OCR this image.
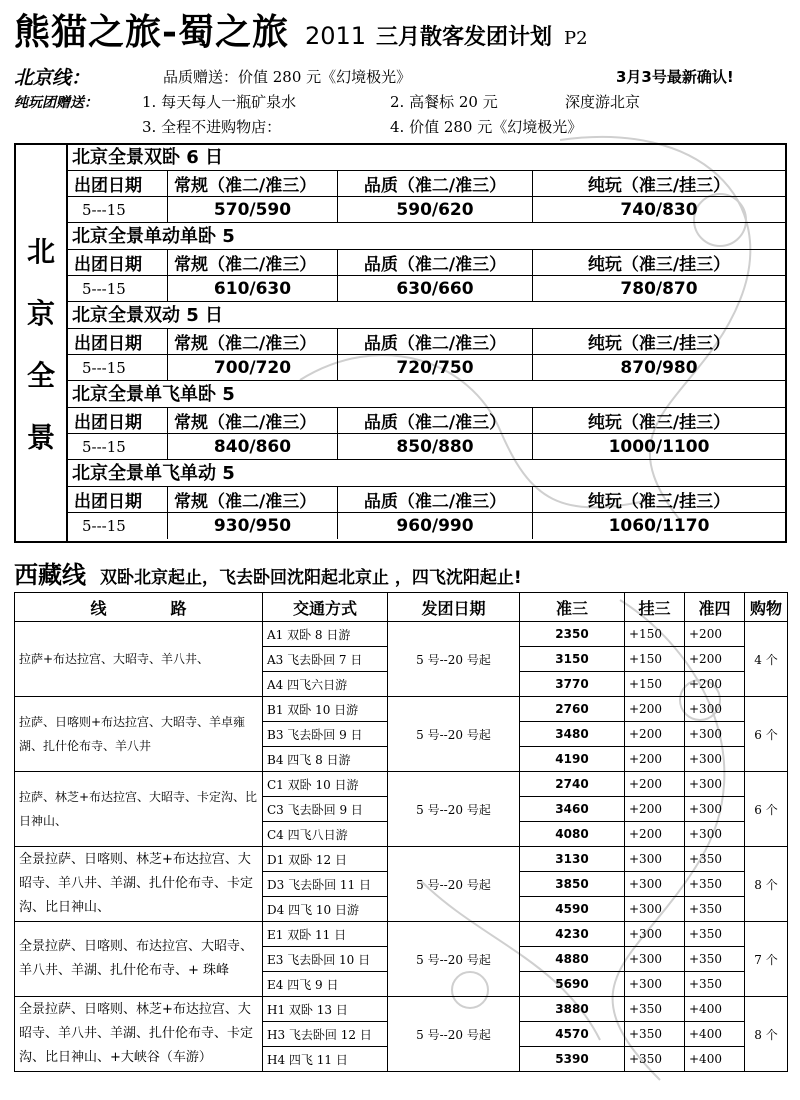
熊猫之旅-蜀之旅 2011 三月散客发团计划 P2
北京线：	品质赠送：价值 280 元《幻境极光》	3月3号最新确认!
纯玩团赠送：	1. 每天每人一瓶矿泉水	2. 高餐标 20 元	深度游北京
3. 全程不进购物店：	4. 价值 280 元《幻境极光》
北
京
全
景
北京全景双卧 6 日
出团日期	常规（准二/准三）	品质（准二/准三）	纯玩（准三/挂三）
5---15	570/590	590/620	740/830
北京全景单动单卧 5
出团日期	常规（准二/准三）	品质（准二/准三）	纯玩（准三/挂三）
5---15	610/630	630/660	780/870
北京全景双动 5 日
出团日期	常规（准二/准三）	品质（准二/准三）	纯玩（准三/挂三）
5---15	700/720	720/750	870/980
北京全景单飞单卧 5
出团日期	常规（准二/准三）	品质（准二/准三）	纯玩（准三/挂三）
5---15	840/860	850/880	1000/1100
北京全景单飞单动 5
出团日期	常规（准二/准三）	品质（准二/准三）	纯玩（准三/挂三）
5---15	930/950	960/990	1060/1170
西藏线 双卧北京起止，飞去卧回沈阳起北京止 ，四飞沈阳起止!
线　　　　路	交通方式	发团日期	准三	挂三	准四	购物
拉萨+布达拉宫、大昭寺、羊八井、	A1 双卧 8 日游	5 号--20 号起	2350	+150	+200	4 个
	A3 飞去卧回 7 日		3150	+150	+200	
	A4 四飞六日游		3770	+150	+200	
拉萨、日喀则+布达拉宫、大昭寺、羊卓雍湖、扎什伦布寺、羊八井	B1 双卧 10 日游	5 号--20 号起	2760	+200	+300	6 个
	B3 飞去卧回 9 日		3480	+200	+300	
	B4 四飞 8 日游		4190	+200	+300	
拉萨、林芝+布达拉宫、大昭寺、卡定沟、比日神山、	C1 双卧 10 日游	5 号--20 号起	2740	+200	+300	6 个
	C3 飞去卧回 9 日		3460	+200	+300	
	C4 四飞八日游		4080	+200	+300	
全景拉萨、日喀则、林芝+布达拉宫、大昭寺、羊八井、羊湖、扎什伦布寺、卡定沟、比日神山、	D1 双卧 12 日	5 号--20 号起	3130	+300	+350	8 个
	D3 飞去卧回 11 日		3850	+300	+350	
	D4 四飞 10 日游		4590	+300	+350	
全景拉萨、日喀则、布达拉宫、大昭寺、羊八井、羊湖、扎什伦布寺、+ 珠峰	E1 双卧 11 日	5 号--20 号起	4230	+300	+350	7 个
	E3 飞去卧回 10 日		4880	+300	+350	
	E4 四飞 9 日		5690	+300	+350	
全景拉萨、日喀则、林芝+布达拉宫、大昭寺、羊八井、羊湖、扎什伦布寺、卡定沟、比日神山、+大峡谷（车游）	H1 双卧 13 日	5 号--20 号起	3880	+350	+400	8 个
	H3 飞去卧回 12 日		4570	+350	+400	
	H4 四飞 11 日		5390	+350	+400	
